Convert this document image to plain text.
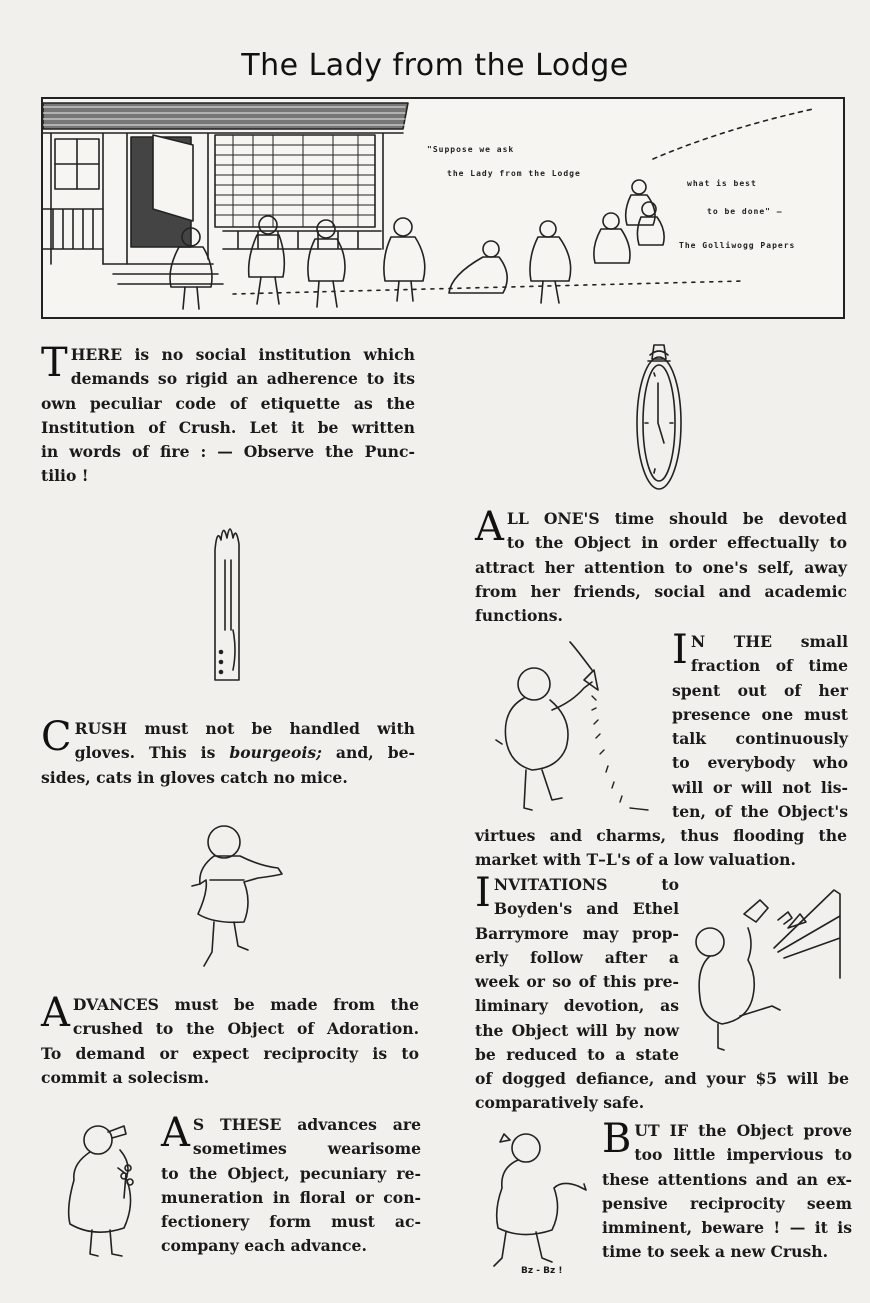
The Lady from the Lodge
"Suppose we ask
the Lady from the Lodge
what is best
to be done" —
The Golliwogg Papers
T HERE is no social institution which
demands so rigid an adherence to its
own peculiar code of etiquette as the
Institution of Crush. Let it be written
in words of fire : — Observe the Punc-
tilio !
A LL ONE'S time should be devoted
to the Object in order effectually to
attract her attention to one's self, away
from her friends, social and academic
functions.
I N THE small
fraction of time
spent out of her
presence one must
talk continuously
to everybody who
will or will not lis-
ten, of the Object's
virtues and charms, thus flooding the
market with T–L's of a low valuation.
C RUSH must not be handled with
gloves. This is bourgeois; and, be-
sides, cats in gloves catch no mice.
I NVITATIONS to
Boyden's and Ethel
Barrymore may prop-
erly follow after a
week or so of this pre-
liminary devotion, as
the Object will by now
be reduced to a state
of dogged defiance, and your $5 will be
comparatively safe.
A DVANCES must be made from the
crushed to the Object of Adoration.
To demand or expect reciprocity is to
commit a solecism.
A S THESE advances are
sometimes wearisome
to the Object, pecuniary re-
muneration in floral or con-
fectionery form must ac-
company each advance.
Bz - Bz !
B UT IF the Object prove
too little impervious to
these attentions and an ex-
pensive reciprocity seem
imminent, beware ! — it is
time to seek a new Crush.
